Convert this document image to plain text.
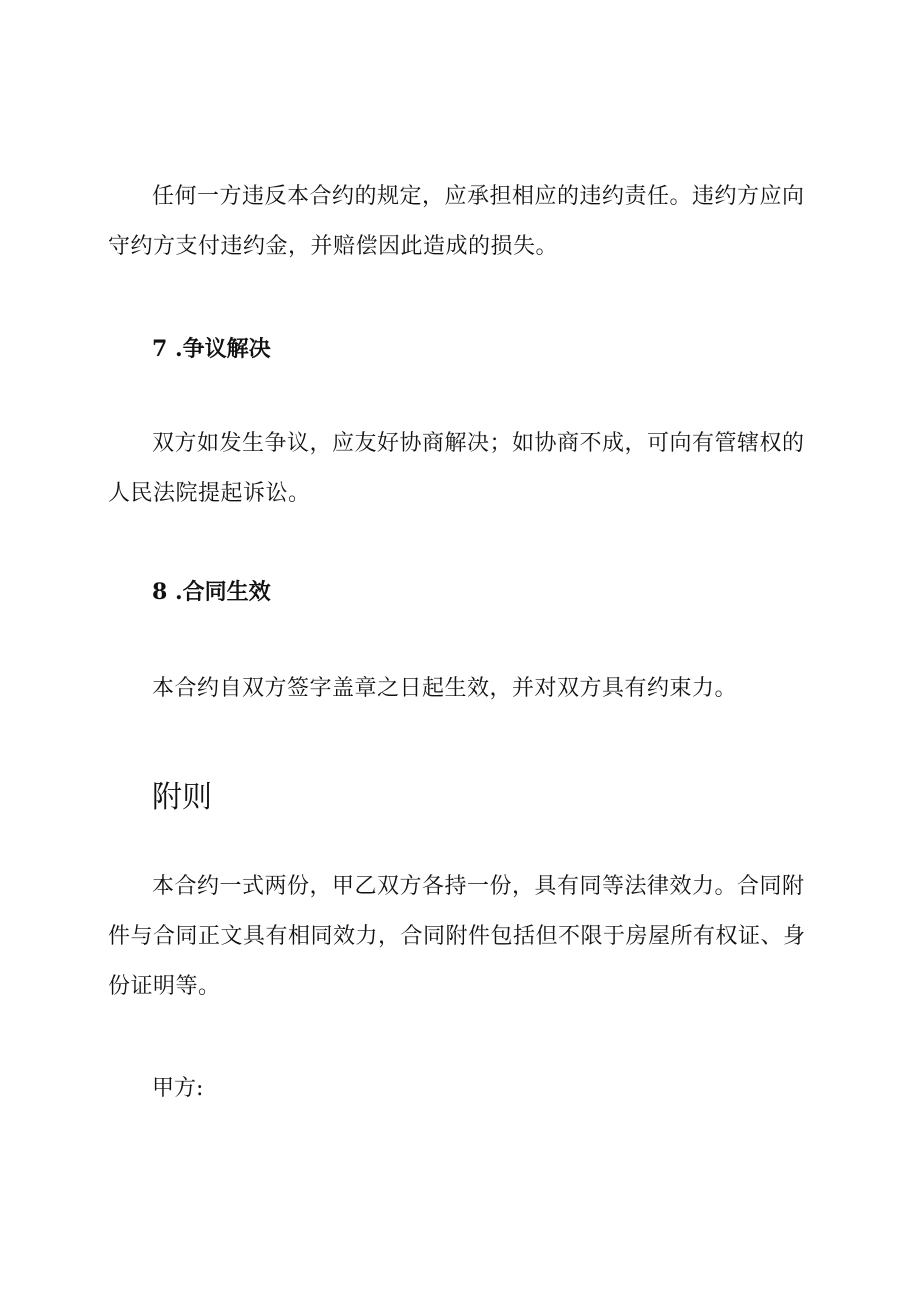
任何一方违反本合约的规定，应承担相应的违约责任。违约方应向守约方支付违约金，并赔偿因此造成的损失。

7 .争议解决

双方如发生争议，应友好协商解决；如协商不成，可向有管辖权的人民法院提起诉讼。

8 .合同生效

本合约自双方签字盖章之日起生效，并对双方具有约束力。

附则

本合约一式两份，甲乙双方各持一份，具有同等法律效力。合同附件与合同正文具有相同效力，合同附件包括但不限于房屋所有权证、身份证明等。

甲方:
